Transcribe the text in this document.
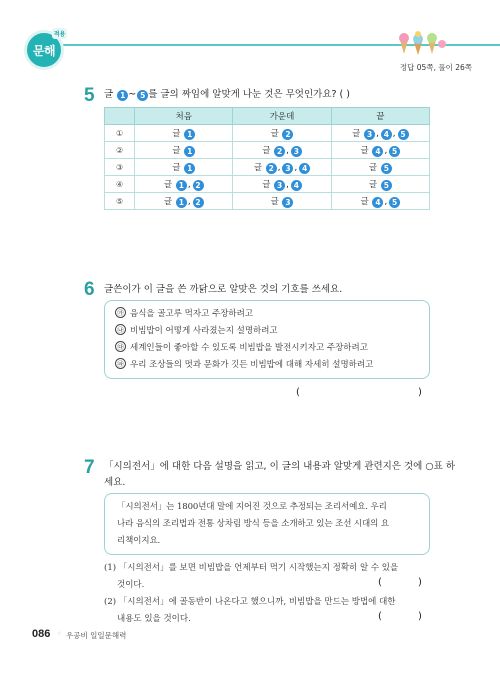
문해
적용
정답 05쪽, 풀이 26쪽
5 글 1 ~ 5 를 글의 짜임에 알맞게 나눈 것은 무엇인가요? ( )
	처음	가운데	끝
①	글 1	글 2	글 3 , 4 , 5
②	글 1	글 2 , 3	글 4 , 5
③	글 1	글 2 , 3 , 4	글 5
④	글 1 , 2	글 3 , 4	글 5
⑤	글 1 , 2	글 3	글 4 , 5
6 글쓴이가 이 글을 쓴 까닭으로 알맞은 것의 기호를 쓰세요.
㉮ 음식을 골고루 먹자고 주장하려고
㉯ 비빔밥이 어떻게 사라졌는지 설명하려고
㉰ 세계인들이 좋아할 수 있도록 비빔밥을 발전시키자고 주장하려고
㉱ 우리 조상들의 멋과 문화가 깃든 비빔밥에 대해 자세히 설명하려고
(	)
7 「시의전서」에 대한 다음 설명을 읽고, 이 글의 내용과 알맞게 관련지은 것에 ○표 하
세요.
「시의전서」는 1800년대 말에 지어진 것으로 추정되는 조리서예요. 우리
나라 음식의 조리법과 전통 상차림 방식 등을 소개하고 있는 조선 시대의 요
리책이지요.
(1) 「시의전서」를 보면 비빔밥을 언제부터 먹기 시작했는지 정확히 알 수 있을
것이다.	(	)
(2) 「시의전서」에 골동반이 나온다고 했으니까, 비빔밥을 만드는 방법에 대한
내용도 있을 것이다.	(	)
086 ◦ 우공비 일일문해력
